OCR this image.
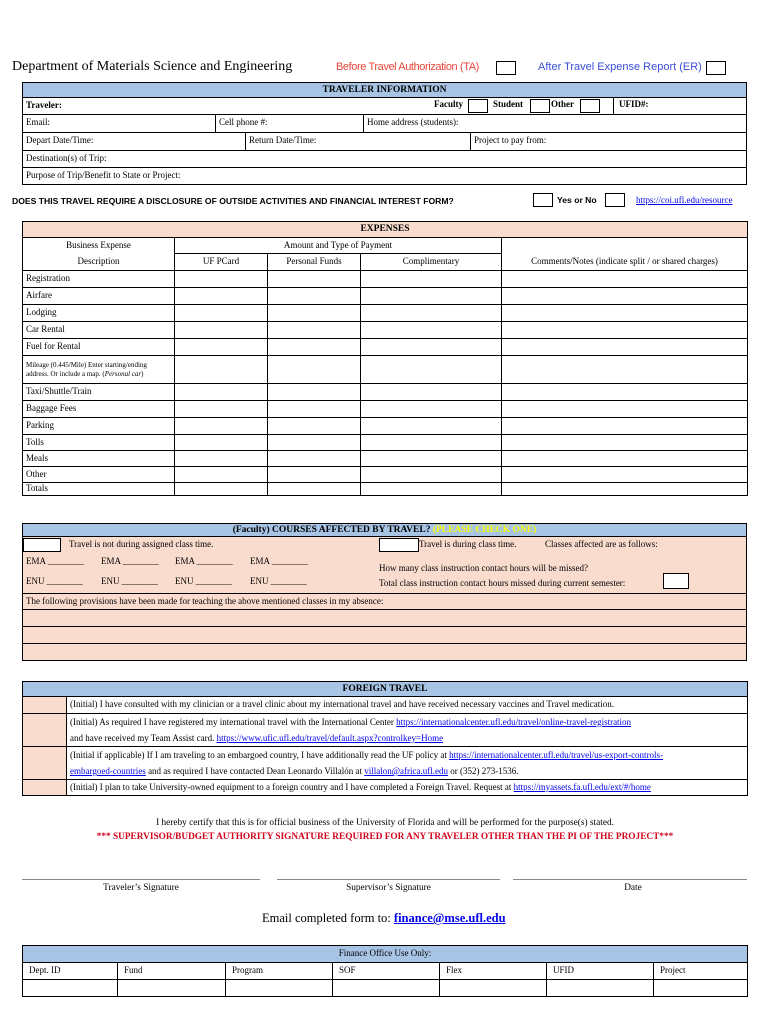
Department of Materials Science and Engineering	Before Travel Authorization (TA)	After Travel Expense Report (ER)
TRAVELER INFORMATION

Traveler:	Faculty	Student	Other	UFID#:

Email:	Cell phone #:	Home address (students):

Depart Date/Time:	Return Date/Time:	Project to pay from:

Destination(s) of Trip:
Purpose of Trip/Benefit to State or Project:
DOES THIS TRAVEL REQUIRE A DISCLOSURE OF OUTSIDE ACTIVITIES AND FINANCIAL INTEREST FORM?	Yes or No	https://coi.ufl.edu/resource
EXPENSES				
Business Expense	Amount and Type of Payment			
Description	UF PCard	Personal Funds	Complimentary	Comments/Notes (indicate split / or shared charges)
Registration				
Airfare				
Lodging				
Car Rental				
Fuel for Rental				
Mileage (0.445/Mile) Enter starting/ending
address. Or include a map. (Personal car)				
Taxi/Shuttle/Train				
Baggage Fees				
Parking				
Tolls				
Meals				
Other				
Totals				
(Faculty) COURSES AFFECTED BY TRAVEL? (PLEASE CHECK ONE)

Travel is not during assigned class time.	Travel is during class time.	Classes affected are as follows:
EMA ________ EMA ________ EMA ________ EMA ________
How many class instruction contact hours will be missed?
ENU ________ ENU ________ ENU ________ ENU ________	Total class instruction contact hours missed during current semester:

The following provisions have been made for teaching the above mentioned classes in my absence:

FOREIGN TRAVEL	
	(Initial) I have consulted with my clinician or a travel clinic about my international travel and have received necessary vaccines and Travel medication.
	(Initial) As required I have registered my international travel with the International Center https://internationalcenter.ufl.edu/travel/online-travel-registration
and have received my Team Assist card. https://www.ufic.ufl.edu/travel/default.aspx?controlkey=Home
	(Initial if applicable) If I am traveling to an embargoed country, I have additionally read the UF policy at https://internationalcenter.ufl.edu/travel/us-export-controls-
embargoed-countries and as required I have contacted Dean Leonardo Villalón at villalon@africa.ufl.edu or (352) 273-1536.
	(Initial) I plan to take University-owned equipment to a foreign country and I have completed a Foreign Travel. Request at https://myassets.fa.ufl.edu/ext/#/home
I hereby certify that this is for official business of the University of Florida and will be performed for the purpose(s) stated.
*** SUPERVISOR/BUDGET AUTHORITY SIGNATURE REQUIRED FOR ANY TRAVELER OTHER THAN THE PI OF THE PROJECT***
Traveler’s Signature	Supervisor’s Signature	Date
Email completed form to: finance@mse.ufl.edu
Finance Office Use Only:						
Dept. ID	Fund	Program	SOF	Flex	UFID	Project
